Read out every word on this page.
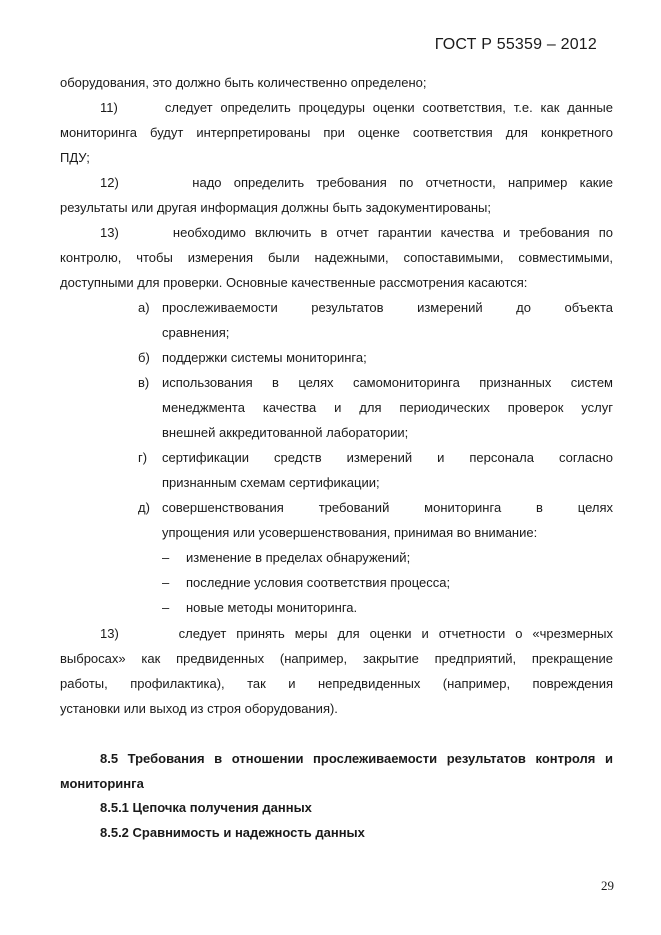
ГОСТ Р 55359 – 2012
оборудования, это должно быть количественно определено;
11)	следует определить процедуры оценки соответствия, т.е. как данные
мониторинга будут интерпретированы при оценке соответствия для конкретного
ПДУ;
12)	надо определить требования по отчетности, например какие
результаты или другая информация должны быть задокументированы;
13)	необходимо включить в отчет гарантии качества и требования по
контролю, чтобы измерения были надежными, сопоставимыми, совместимыми,
доступными для проверки. Основные качественные рассмотрения касаются:
а) прослеживаемости результатов измерений до объекта
сравнения;
б) поддержки системы мониторинга;
в) использования в целях самомониторинга признанных систем
менеджмента качества и для периодических проверок услуг
внешней аккредитованной лаборатории;
г)	сертификации средств измерений и персонала согласно
признанным схемам сертификации;
д) совершенствования требований мониторинга в целях
упрощения или усовершенствования, принимая во внимание:
–	изменение в пределах обнаружений;
–	последние условия соответствия процесса;
–	новые методы мониторинга.
13)	следует принять меры для оценки и отчетности о «чрезмерных
выбросах» как предвиденных (например, закрытие предприятий, прекращение
работы, профилактика), так и непредвиденных (например, повреждения
установки или выход из строя оборудования).
8.5 Требования в отношении прослеживаемости результатов контроля и
мониторинга
8.5.1 Цепочка получения данных
8.5.2 Сравнимость и надежность данных
29
